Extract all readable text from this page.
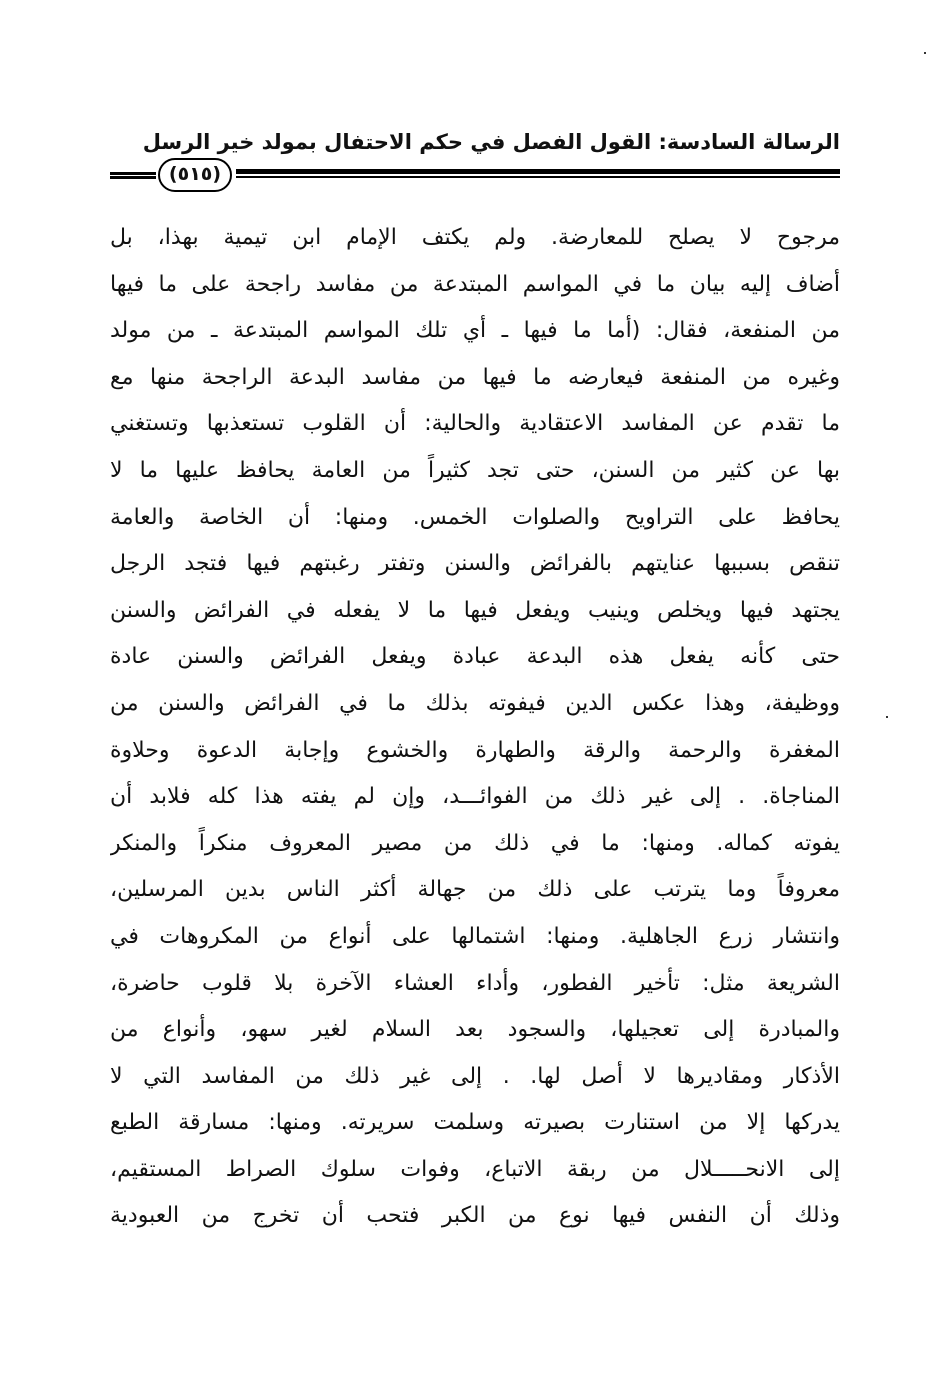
الرسالة السادسة: القول الفصل في حكم الاحتفال بمولد خير الرسل
(٥١٥)
مرجوح لا يصلح للمعارضة. ولم يكتف الإمام ابن تيمية بهذا، بل
أضاف إليه بيان ما في المواسم المبتدعة من مفاسد راجحة على ما فيها
من المنفعة، فقال: (أما ما فيها ـ أي تلك المواسم المبتدعة ـ من مولد
وغيره من المنفعة فيعارضه ما فيها من مفاسد البدعة الراجحة منها مع
ما تقدم عن المفاسد الاعتقادية والحالية: أن القلوب تستعذبها وتستغني
بها عن كثير من السنن، حتى تجد كثيراً من العامة يحافظ عليها ما لا
يحافظ على التراويح والصلوات الخمس. ومنها: أن الخاصة والعامة
تنقص بسببها عنايتهم بالفرائض والسنن وتفتر رغبتهم فيها فتجد الرجل
يجتهد فيها ويخلص وينيب ويفعل فيها ما لا يفعله في الفرائض والسنن
حتى كأنه يفعل هذه البدعة عبادة ويفعل الفرائض والسنن عادة
ووظيفة، وهذا عكس الدين فيفوته بذلك ما في الفرائض والسنن من
المغفرة والرحمة والرقة والطهارة والخشوع وإجابة الدعوة وحلاوة
المناجاة. . إلى غير ذلك من الفوائـــد، وإن لم يفته هذا كله فلابد أن
يفوته كماله. ومنها: ما في ذلك من مصير المعروف منكراً والمنكر
معروفاً وما يترتب على ذلك من جهالة أكثر الناس بدين المرسلين،
وانتشار زرع الجاهلية. ومنها: اشتمالها على أنواع من المكروهات في
الشريعة مثل: تأخير الفطور، وأداء العشاء الآخرة بلا قلوب حاضرة،
والمبادرة إلى تعجيلها، والسجود بعد السلام لغير سهو، وأنواع من
الأذكار ومقاديرها لا أصل لها. . إلى غير ذلك من المفاسد التي لا
يدركها إلا من استنارت بصيرته وسلمت سريرته. ومنها: مسارقة الطبع
إلى الانحـــــلال من ربقة الاتباع، وفوات سلوك الصراط المستقيم،
وذلك أن النفس فيها نوع من الكبر فتحب أن تخرج من العبودية
